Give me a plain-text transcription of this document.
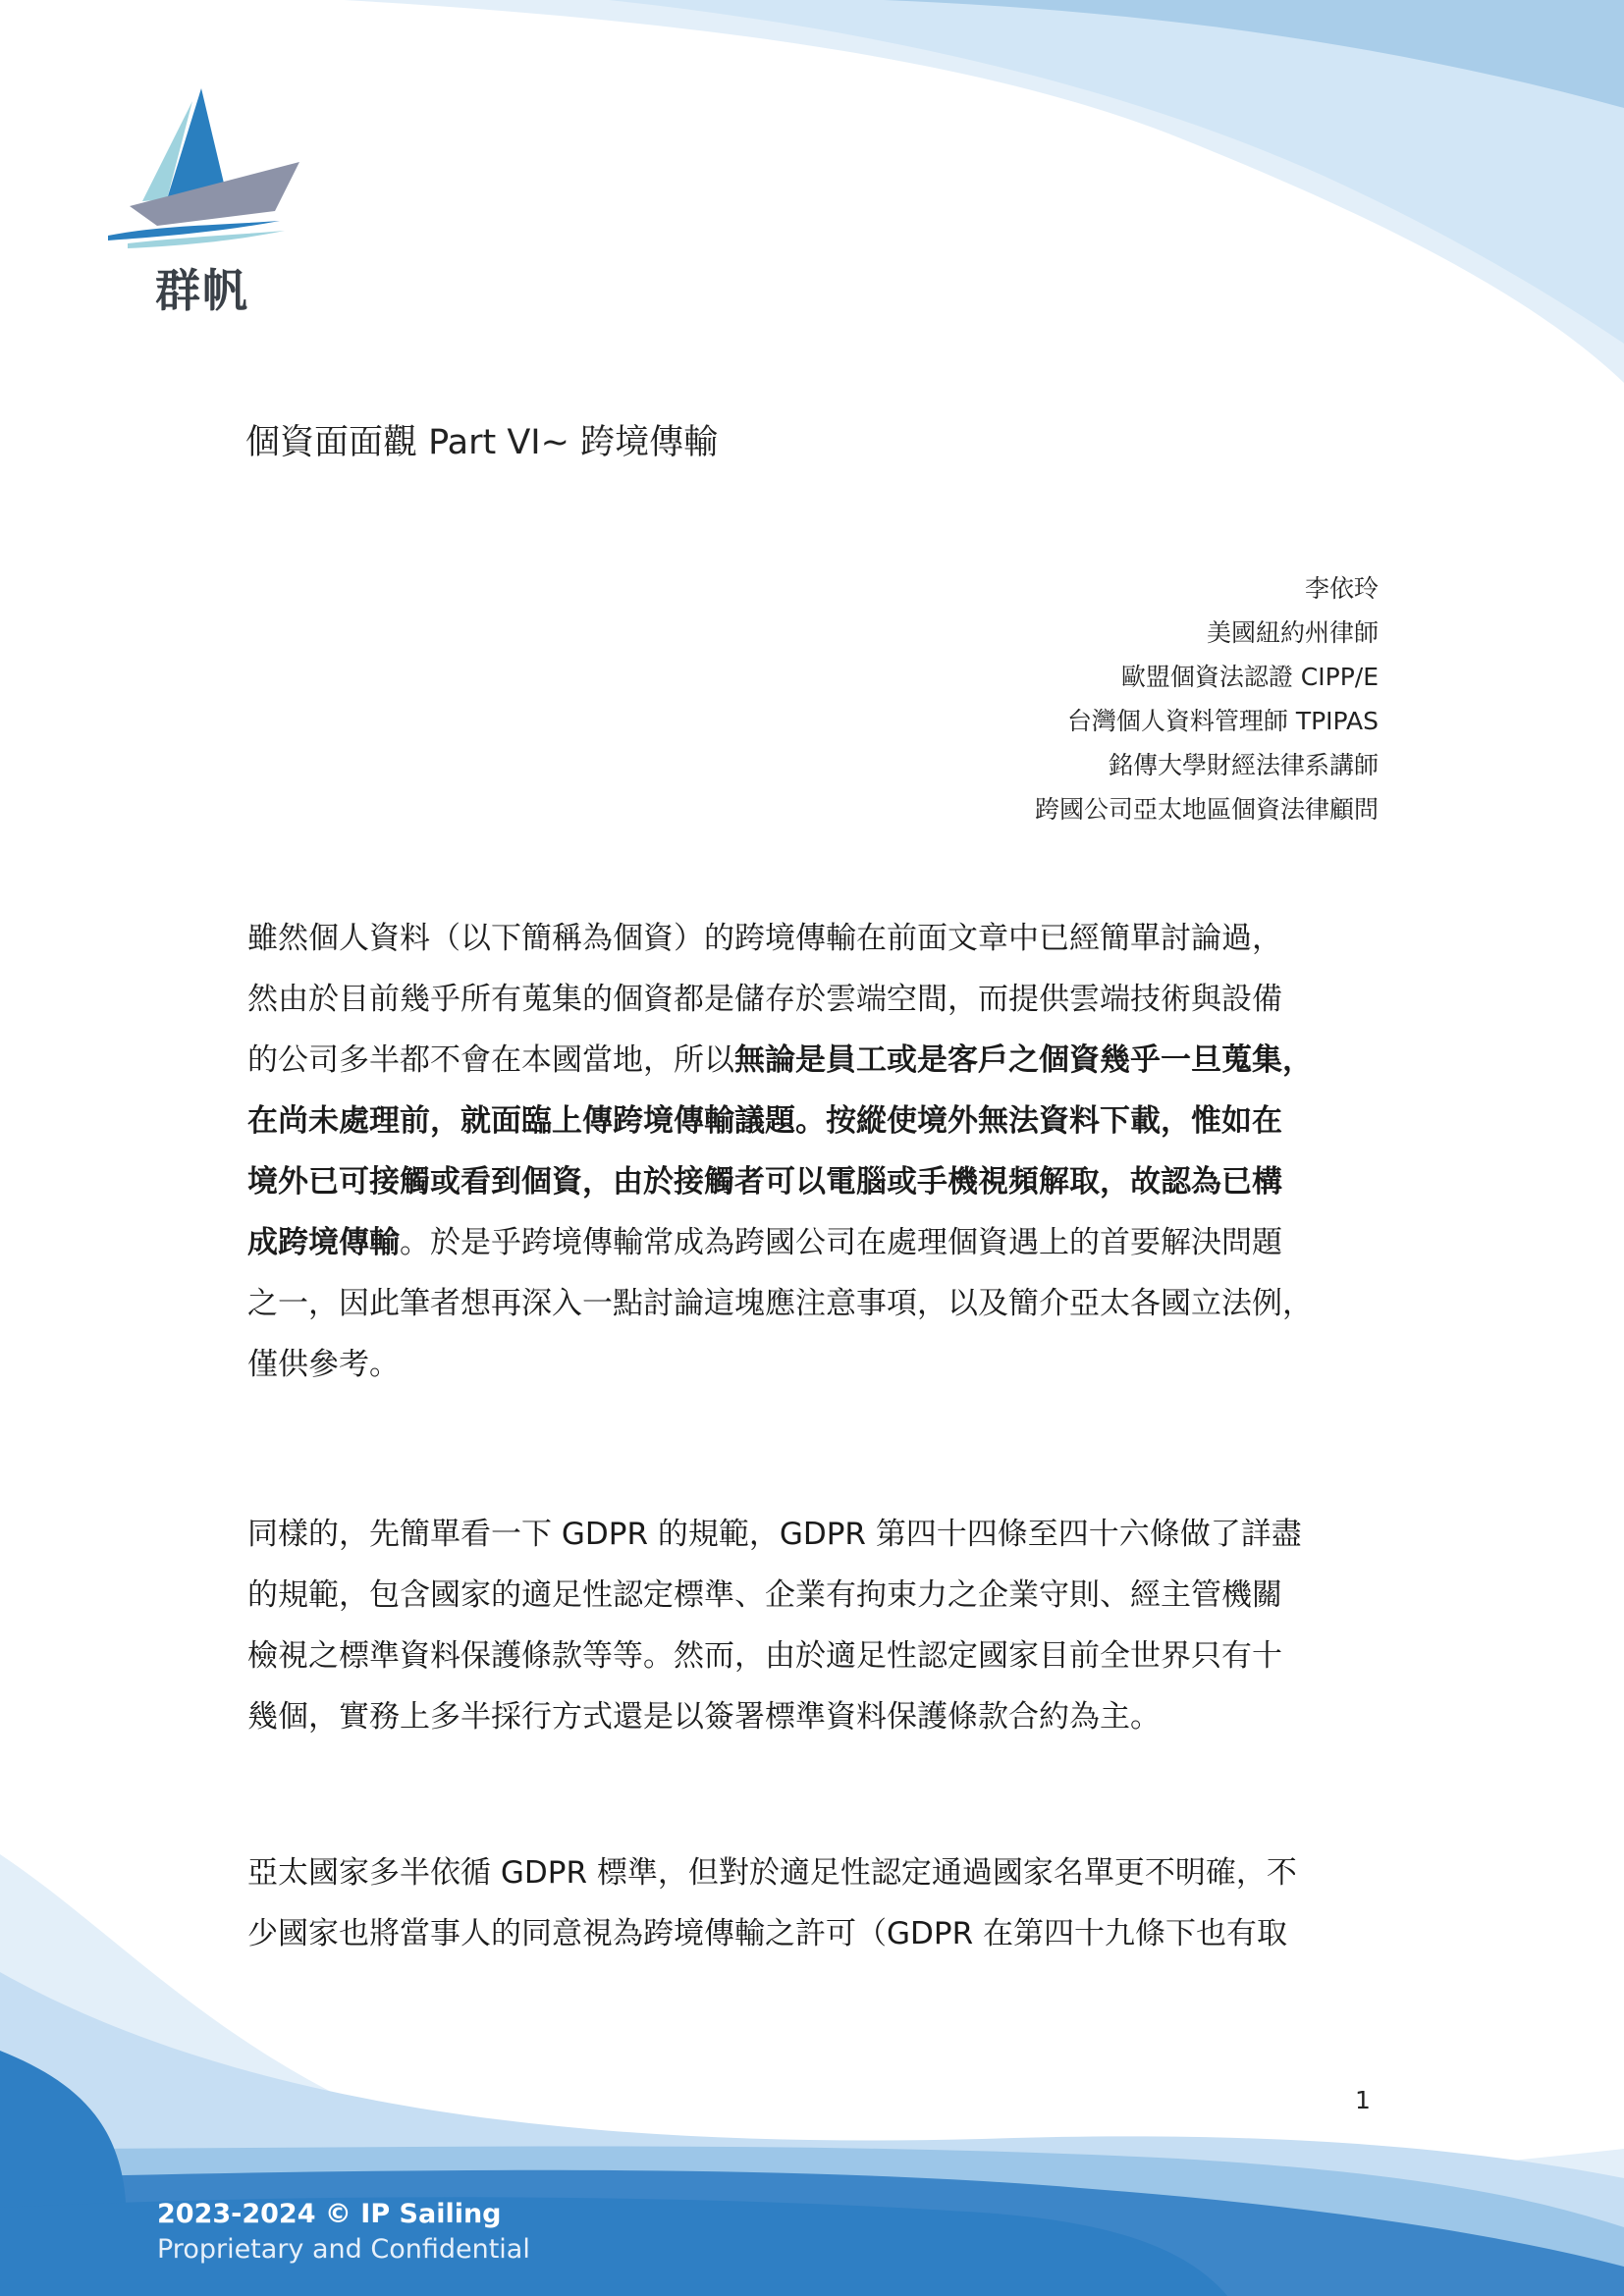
群帆
個資面面觀 Part VI~ 跨境傳輸
李依玲
美國紐約州律師
歐盟個資法認證 CIPP/E
台灣個人資料管理師 TPIPAS
銘傳大學財經法律系講師
跨國公司亞太地區個資法律顧問
雖然個人資料（以下簡稱為個資）的跨境傳輸在前面文章中已經簡單討論過，
然由於目前幾乎所有蒐集的個資都是儲存於雲端空間，而提供雲端技術與設備
的公司多半都不會在本國當地，所以無論是員工或是客戶之個資幾乎一旦蒐集，
在尚未處理前，就面臨上傳跨境傳輸議題。按縱使境外無法資料下載，惟如在
境外已可接觸或看到個資，由於接觸者可以電腦或手機視頻解取，故認為已構
成跨境傳輸。於是乎跨境傳輸常成為跨國公司在處理個資遇上的首要解決問題
之一，因此筆者想再深入一點討論這塊應注意事項，以及簡介亞太各國立法例，
僅供參考。
同樣的，先簡單看一下 GDPR 的規範，GDPR 第四十四條至四十六條做了詳盡
的規範，包含國家的適足性認定標準、企業有拘束力之企業守則、經主管機關
檢視之標準資料保護條款等等。然而，由於適足性認定國家目前全世界只有十
幾個，實務上多半採行方式還是以簽署標準資料保護條款合約為主。
亞太國家多半依循 GDPR 標準，但對於適足性認定通過國家名單更不明確，不
少國家也將當事人的同意視為跨境傳輸之許可（GDPR 在第四十九條下也有取
1
2023-2024 © IP Sailing
Proprietary and Confidential
